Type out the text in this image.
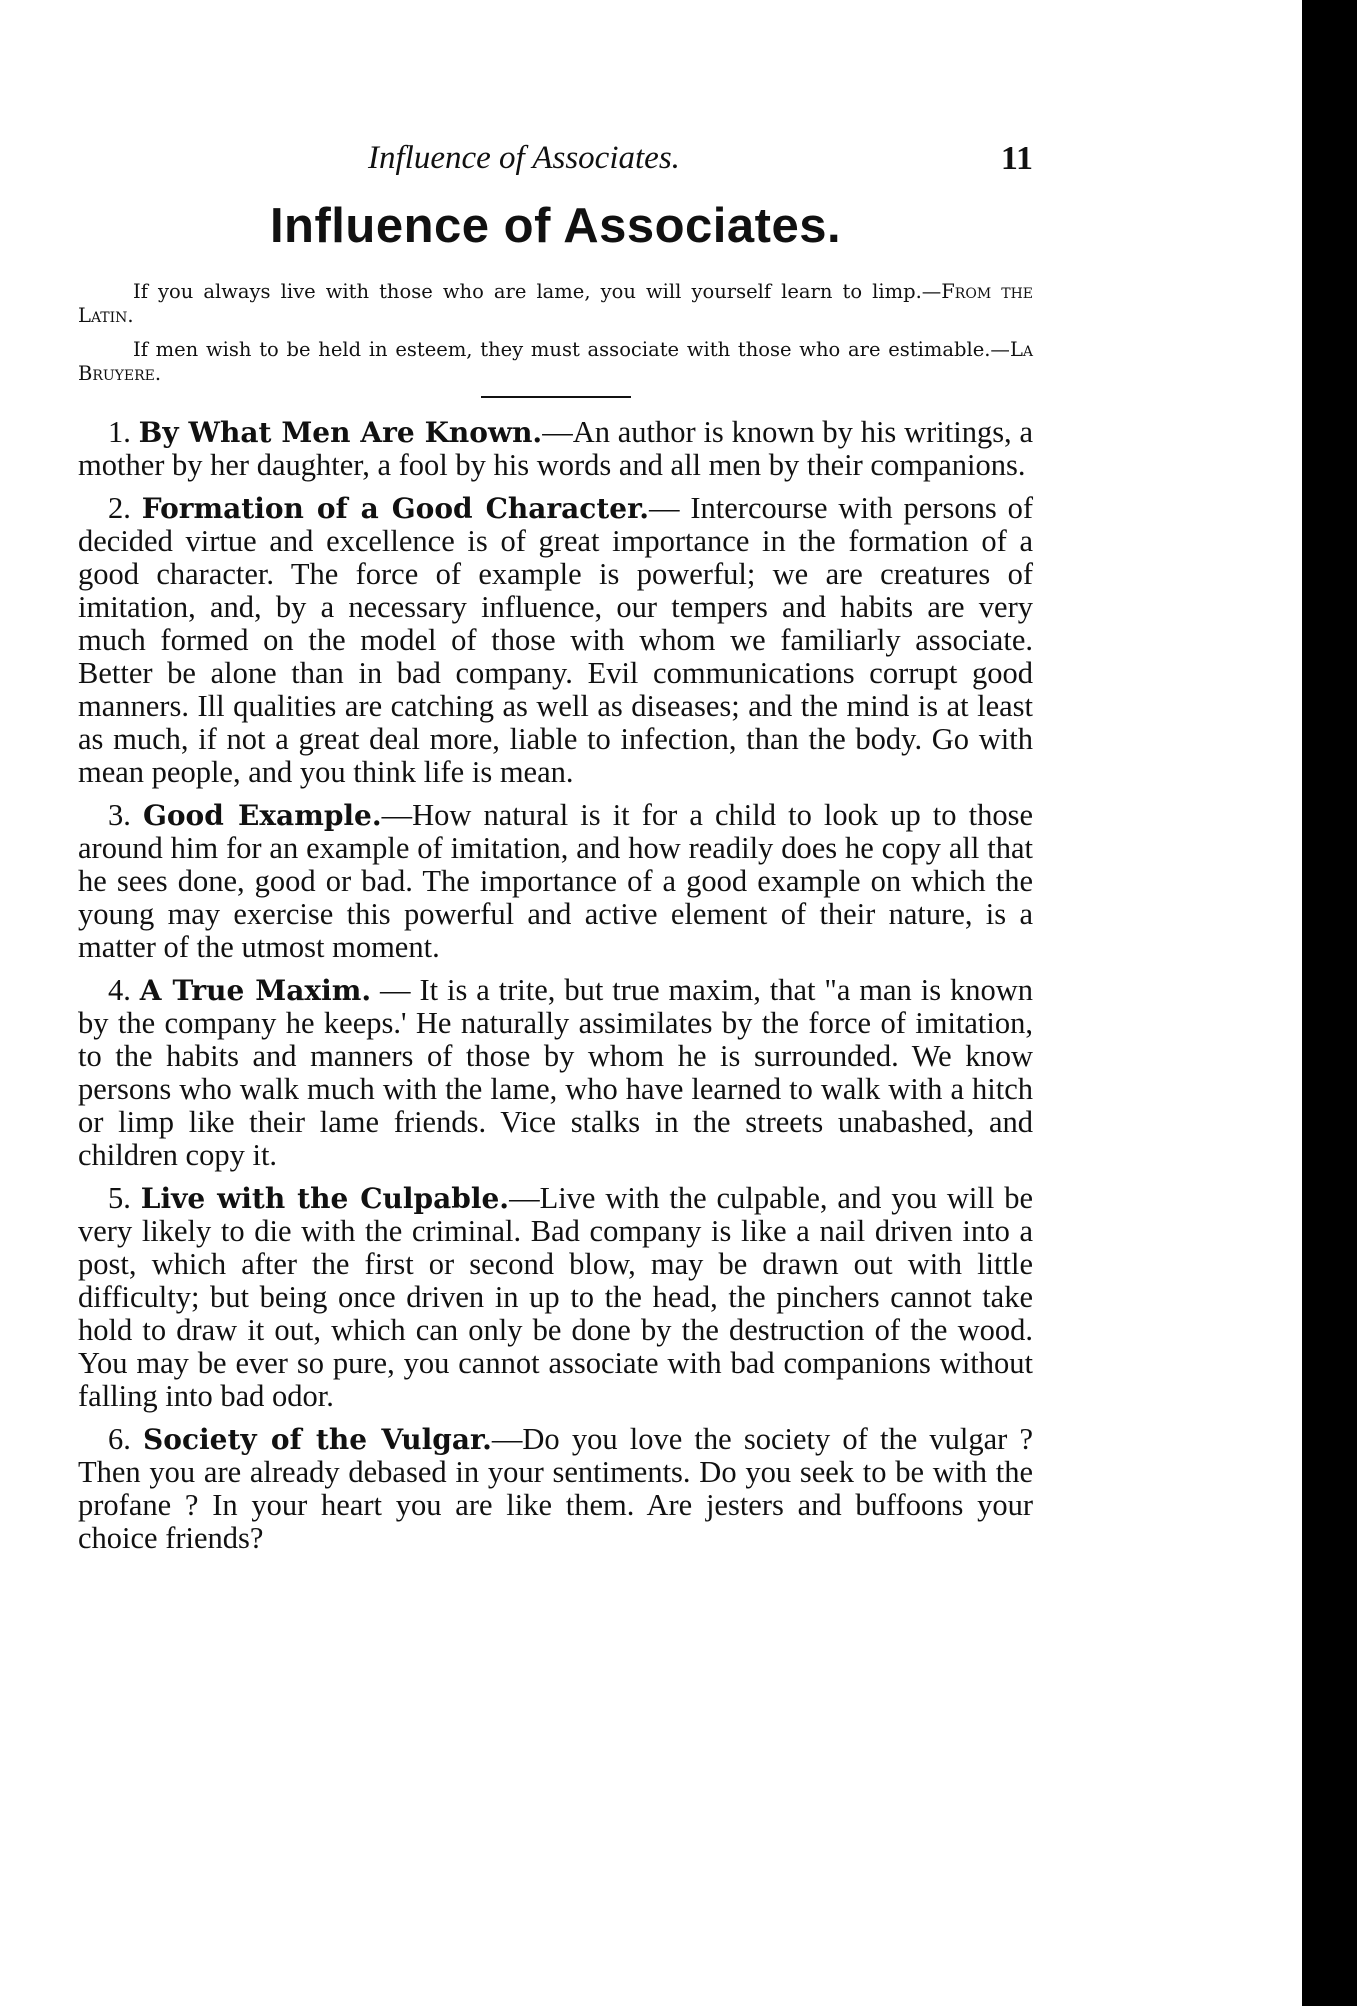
Influence of Associates.	11
Influence of Associates.

If you always live with those who are lame, you will yourself learn to limp.—From the Latin.

If men wish to be held in esteem, they must associate with those who are estimable.—La Bruyere.

1. By What Men Are Known.—An author is known by his writings, a mother by her daughter, a fool by his words and all men by their companions.

2. Formation of a Good Character.— Intercourse with persons of decided virtue and excellence is of great importance in the formation of a good character. The force of example is powerful; we are creatures of imitation, and, by a necessary influence, our tempers and habits are very much formed on the model of those with whom we familiarly associate. Better be alone than in bad company. Evil communications corrupt good manners. Ill qualities are catching as well as diseases; and the mind is at least as much, if not a great deal more, liable to infection, than the body. Go with mean people, and you think life is mean.

3. Good Example.—How natural is it for a child to look up to those around him for an example of imitation, and how readily does he copy all that he sees done, good or bad. The importance of a good example on which the young may exercise this powerful and active element of their nature, is a matter of the utmost moment.

4. A True Maxim. — It is a trite, but true maxim, that "a man is known by the company he keeps.' He naturally assimilates by the force of imitation, to the habits and manners of those by whom he is surrounded. We know persons who walk much with the lame, who have learned to walk with a hitch or limp like their lame friends. Vice stalks in the streets unabashed, and children copy it.

5. Live with the Culpable.—Live with the culpable, and you will be very likely to die with the criminal. Bad company is like a nail driven into a post, which after the first or second blow, may be drawn out with little difficulty; but being once driven in up to the head, the pinchers cannot take hold to draw it out, which can only be done by the destruction of the wood. You may be ever so pure, you cannot associate with bad companions without falling into bad odor.

6. Society of the Vulgar.—Do you love the society of the vulgar ? Then you are already debased in your sentiments. Do you seek to be with the profane ? In your heart you are like them. Are jesters and buffoons your choice friends?
